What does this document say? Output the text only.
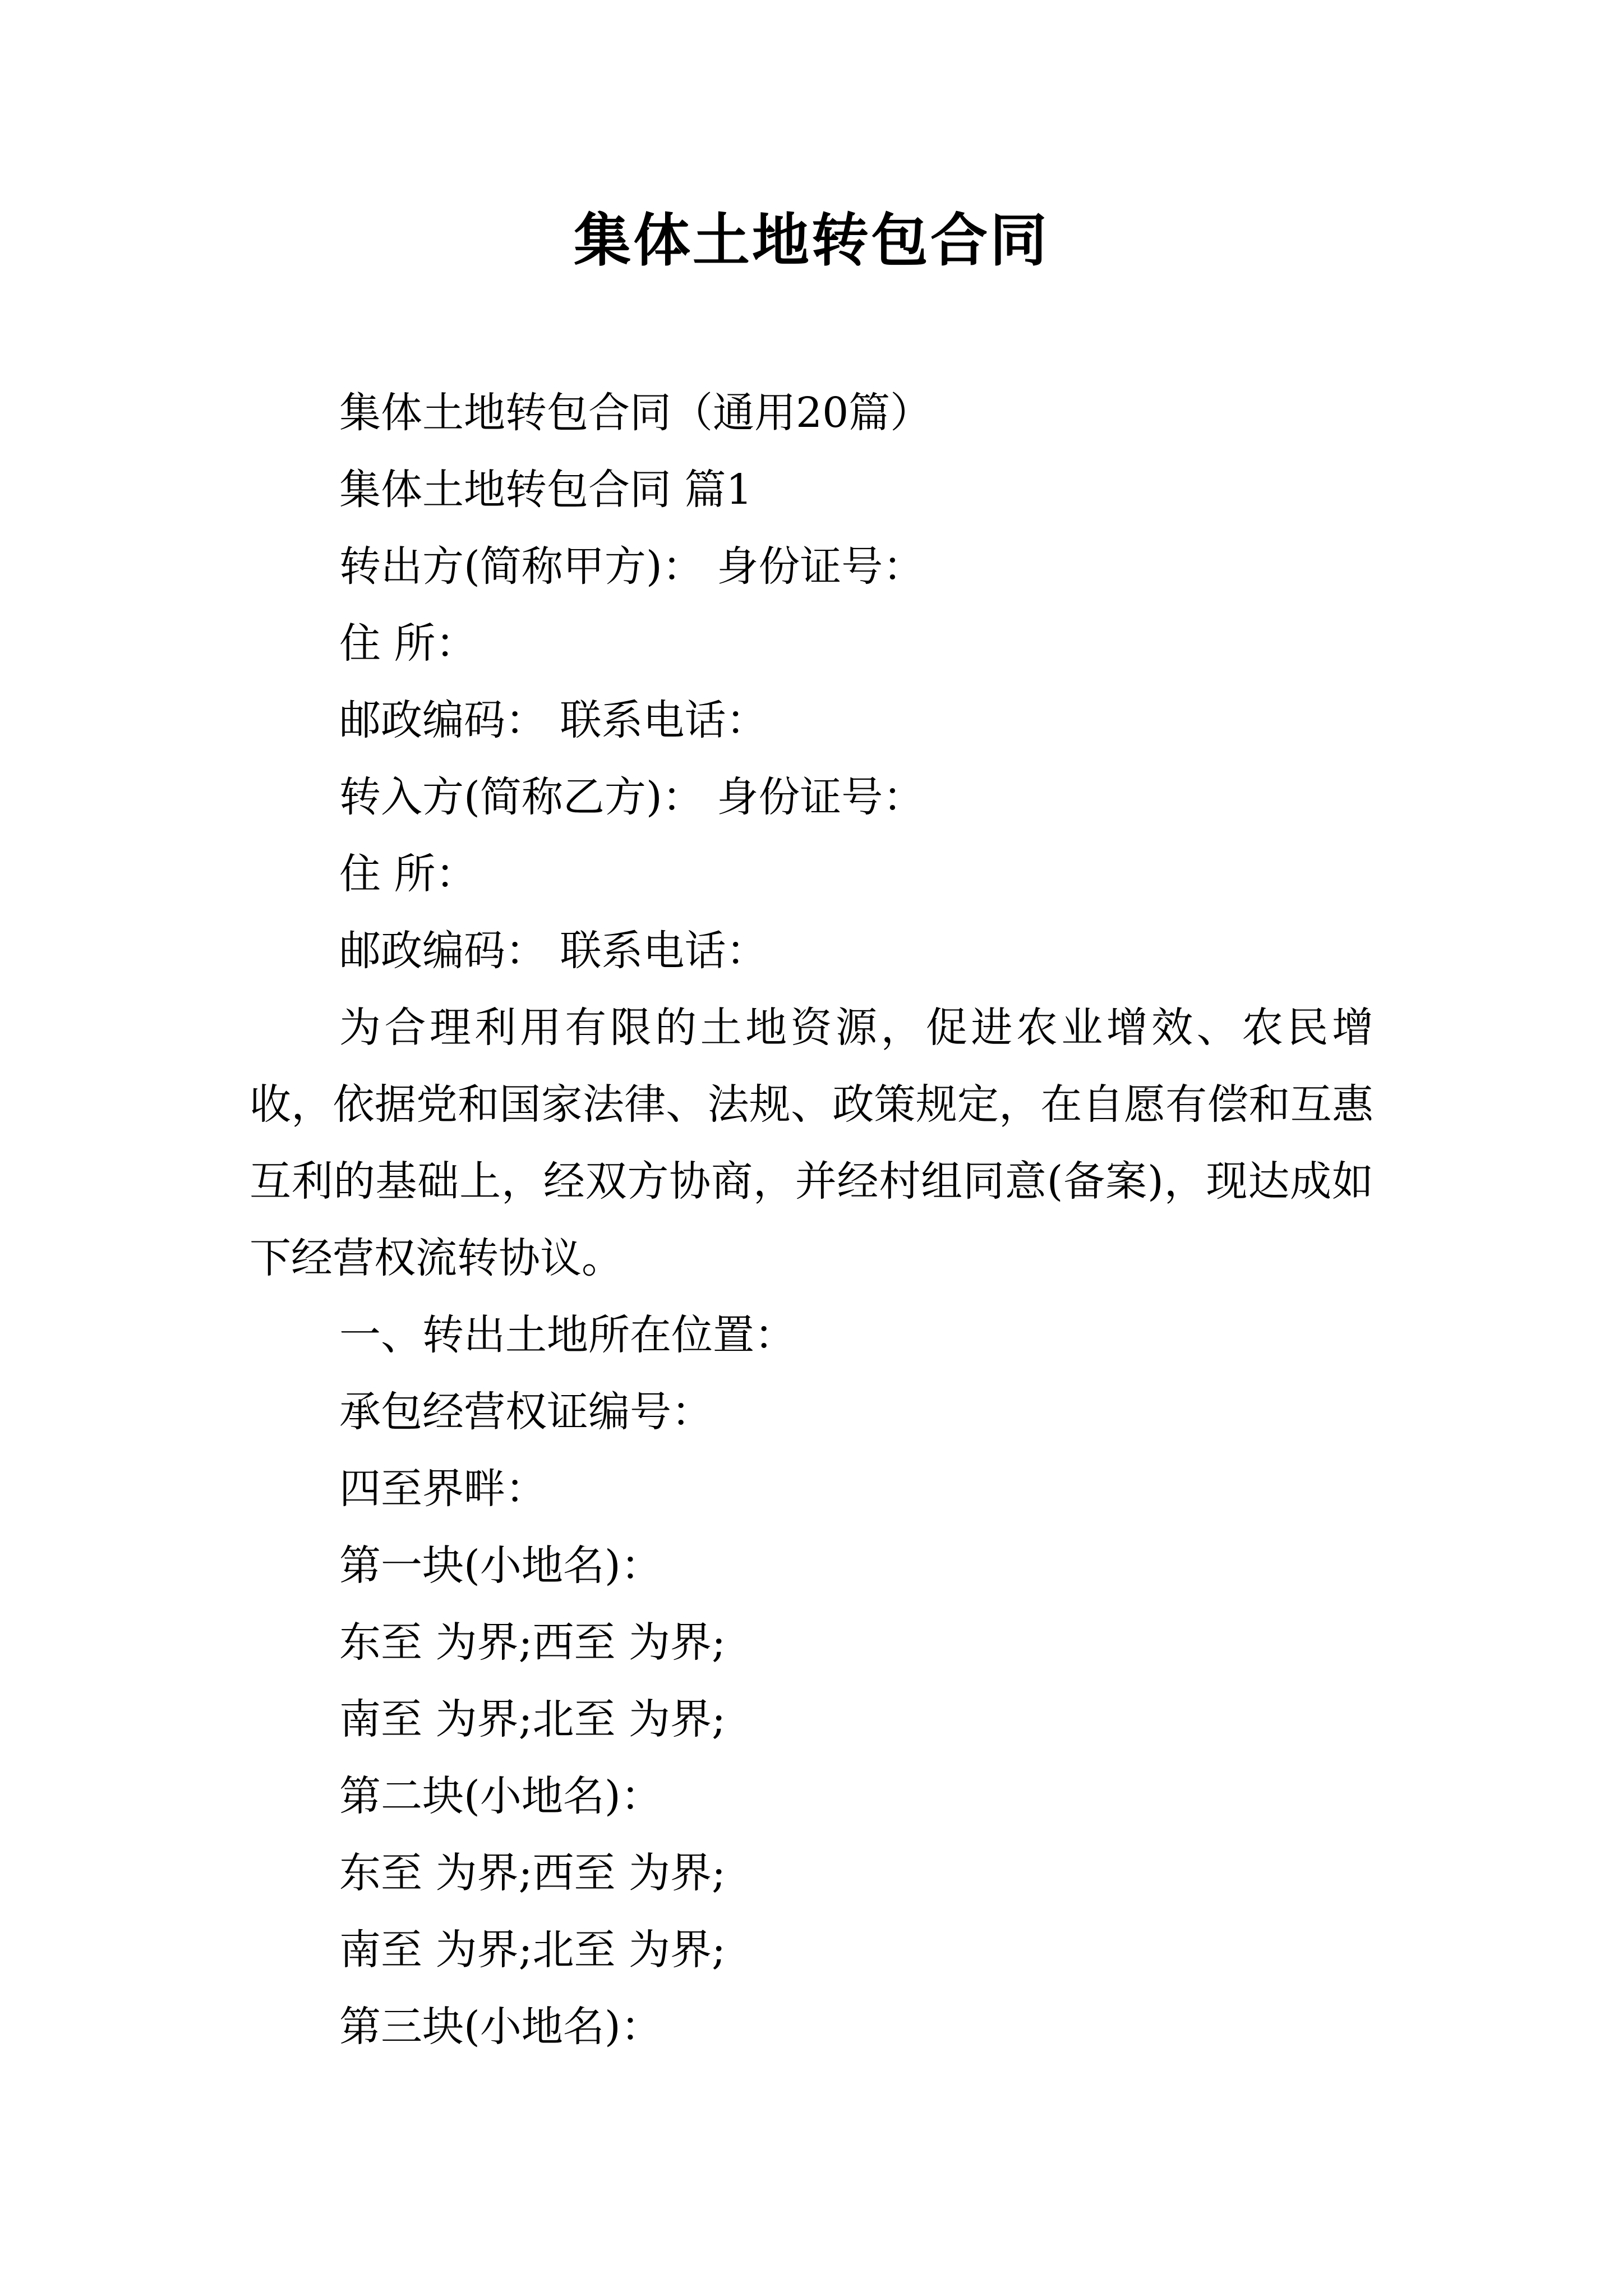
集体土地转包合同

集体土地转包合同（通用20篇）

集体土地转包合同 篇1

转出方(简称甲方)： 身份证号：

住 所：

邮政编码： 联系电话：

转入方(简称乙方)： 身份证号：

住 所：

邮政编码： 联系电话：

为合理利用有限的土地资源，促进农业增效、农民增收，依据党和国家法律、法规、政策规定，在自愿有偿和互惠互利的基础上，经双方协商，并经村组同意(备案)，现达成如下经营权流转协议。

一、转出土地所在位置：

承包经营权证编号：

四至界畔：

第一块(小地名)：

东至 为界;西至 为界;

南至 为界;北至 为界;

第二块(小地名)：

东至 为界;西至 为界;

南至 为界;北至 为界;

第三块(小地名)：
